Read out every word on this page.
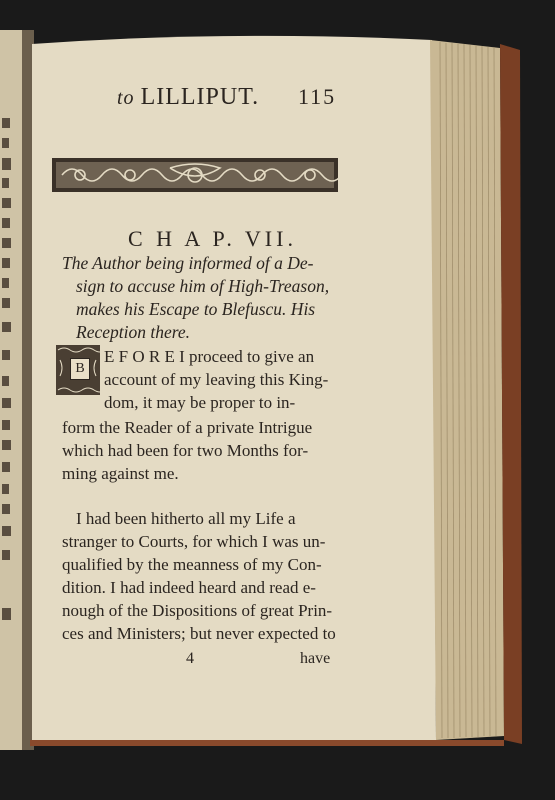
to LILLIPUT.	115
C H A P. VII.
The Author being informed of a De-
sign to accuse him of High-Treason,
makes his Escape to Blefuscu. His
Reception there.
B
E F O R E I proceed to give an
account of my leaving this King-
dom, it may be proper to in-
form the Reader of a private Intrigue
which had been for two Months for-
ming against me.
I had been hitherto all my Life a
stranger to Courts, for which I was un-
qualified by the meanness of my Con-
dition. I had indeed heard and read e-
nough of the Dispositions of great Prin-
ces and Ministers; but never expected to
4	have
